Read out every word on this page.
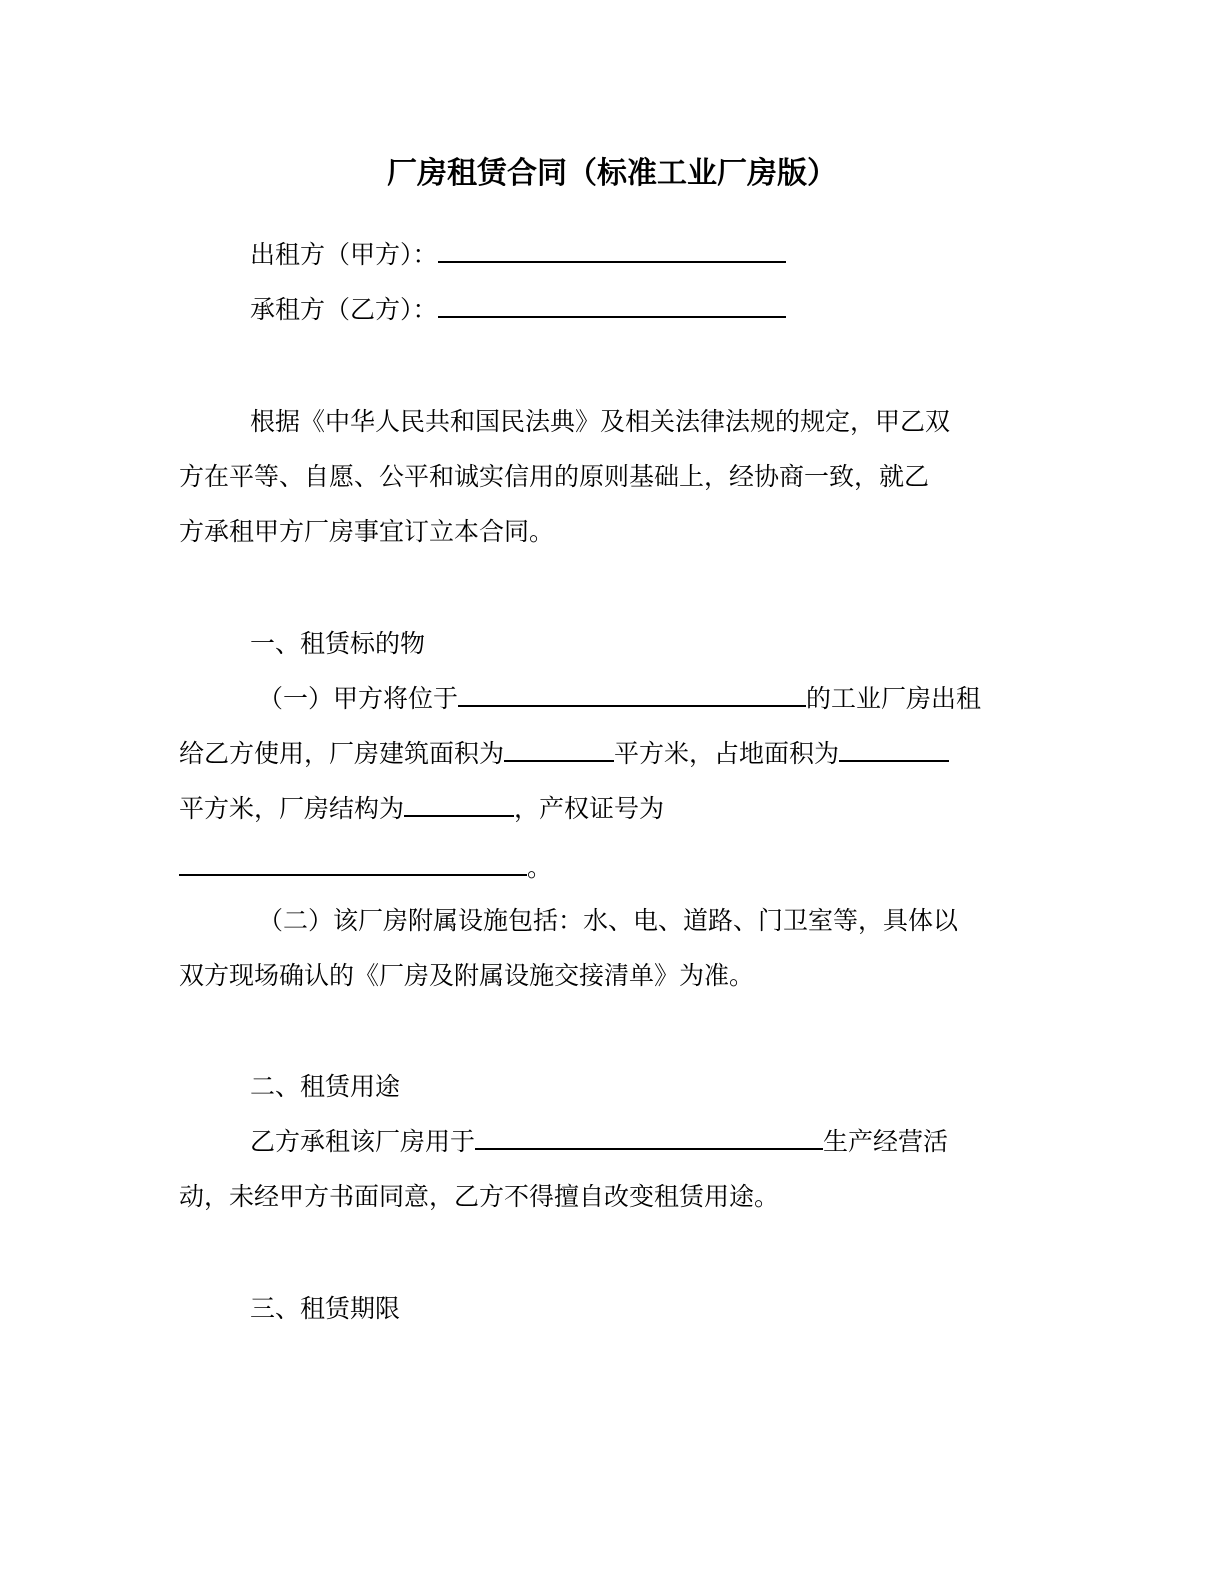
厂房租赁合同（标准工业厂房版）
出租方（甲方）：
承租方（乙方）：
根据《中华人民共和国民法典》及相关法律法规的规定，甲乙双
方在平等、自愿、公平和诚实信用的原则基础上，经协商一致，就乙
方承租甲方厂房事宜订立本合同。
一、租赁标的物
（一）甲方将位于	的工业厂房出租
给乙方使用，厂房建筑面积为	平方米，占地面积为
平方米，厂房结构为	，产权证号为
。
（二）该厂房附属设施包括：水、电、道路、门卫室等，具体以
双方现场确认的《厂房及附属设施交接清单》为准。
二、租赁用途
乙方承租该厂房用于	生产经营活
动，未经甲方书面同意，乙方不得擅自改变租赁用途。
三、租赁期限
